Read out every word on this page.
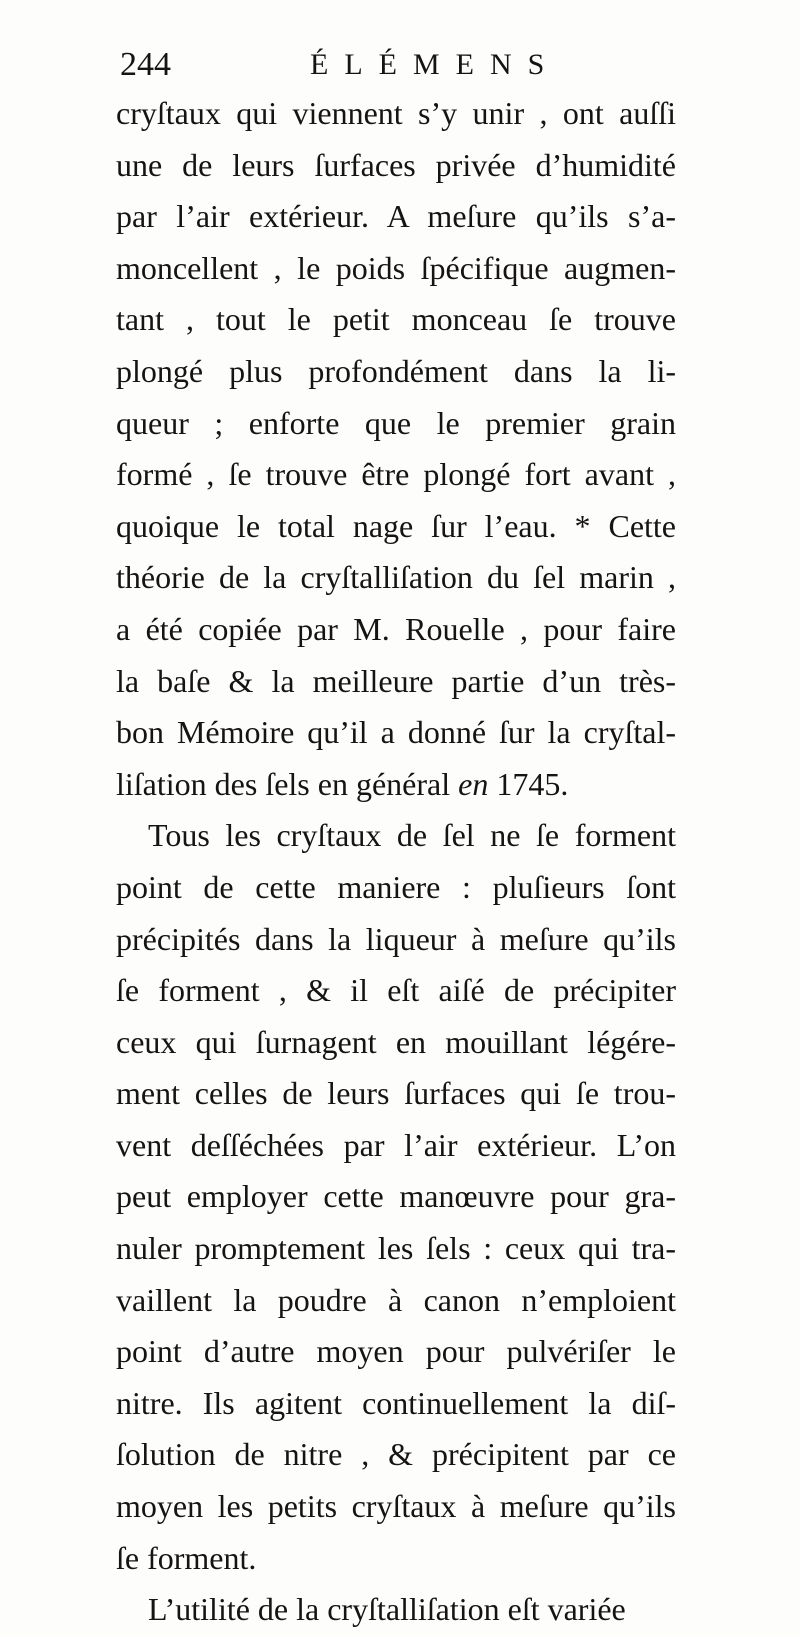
244	ÉLÉMENS
cryſtaux qui viennent s’y unir , ont auſſi
une de leurs ſurfaces privée d’humidité
par l’air extérieur. A meſure qu’ils s’a-
moncellent , le poids ſpécifique augmen-
tant , tout le petit monceau ſe trouve
plongé plus profondément dans la li-
queur ; enforte que le premier grain
formé , ſe trouve être plongé fort avant ,
quoique le total nage ſur l’eau. * Cette
théorie de la cryſtalliſation du ſel marin ,
a été copiée par M. Rouelle , pour faire
la baſe & la meilleure partie d’un très-
bon Mémoire qu’il a donné ſur la cryſtal-
liſation des ſels en général en 1745.
Tous les cryſtaux de ſel ne ſe forment
point de cette maniere : pluſieurs ſont
précipités dans la liqueur à meſure qu’ils
ſe forment , & il eſt aiſé de précipiter
ceux qui ſurnagent en mouillant légére-
ment celles de leurs ſurfaces qui ſe trou-
vent deſſéchées par l’air extérieur. L’on
peut employer cette manœuvre pour gra-
nuler promptement les ſels : ceux qui tra-
vaillent la poudre à canon n’emploient
point d’autre moyen pour pulvériſer le
nitre. Ils agitent continuellement la diſ-
ſolution de nitre , & précipitent par ce
moyen les petits cryſtaux à meſure qu’ils
ſe forment.
L’utilité de la cryſtalliſation eſt variée
